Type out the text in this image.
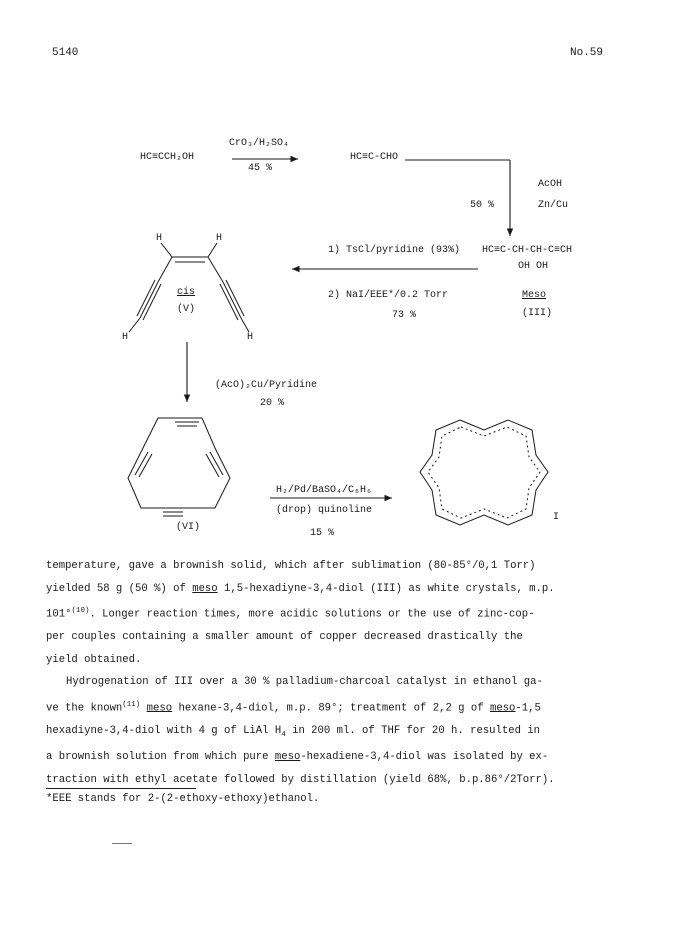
5140	No.59
HC≡CCH₂OH
CrO₃/H₂SO₄
45 %
HC≡C-CHO
50 %
AcOH
Zn/Cu
HC≡C-CH-CH-C≡CH
OH OH
Meso
(III)
1) TsCl/pyridine (93%)
2) NaI/EEE*/0.2 Torr
73 %
H	H
H	H
cis
(V)
(AcO)₂Cu/Pyridine
20 %
(VI)
H₂/Pd/BaSO₄/C₆H₆
(drop) quinoline
15 %
I
temperature, gave a brownish solid, which after sublimation (80-85°/0,1 Torr)
yielded 58 g (50 %) of meso 1,5-hexadiyne-3,4-diol (III) as white crystals, m.p.
101°$^{(10)}$. Longer reaction times, more acidic solutions or the use of zinc-cop-
per couples containing a smaller amount of copper decreased drastically the
yield obtained.
Hydrogenation of III over a 30 % palladium-charcoal catalyst in ethanol ga-
ve the known$^{(11)}$ meso hexane-3,4-diol, m.p. 89°; treatment of 2,2 g of meso-1,5
hexadiyne-3,4-diol with 4 g of LiAl $H_4$ in 200 ml. of THF for 20 h. resulted in
a brownish solution from which pure meso-hexadiene-3,4-diol was isolated by ex-
traction with ethyl acetate followed by distillation (yield 68%, b.p.86°/2Torr).
*EEE stands for 2-(2-ethoxy-ethoxy)ethanol.
